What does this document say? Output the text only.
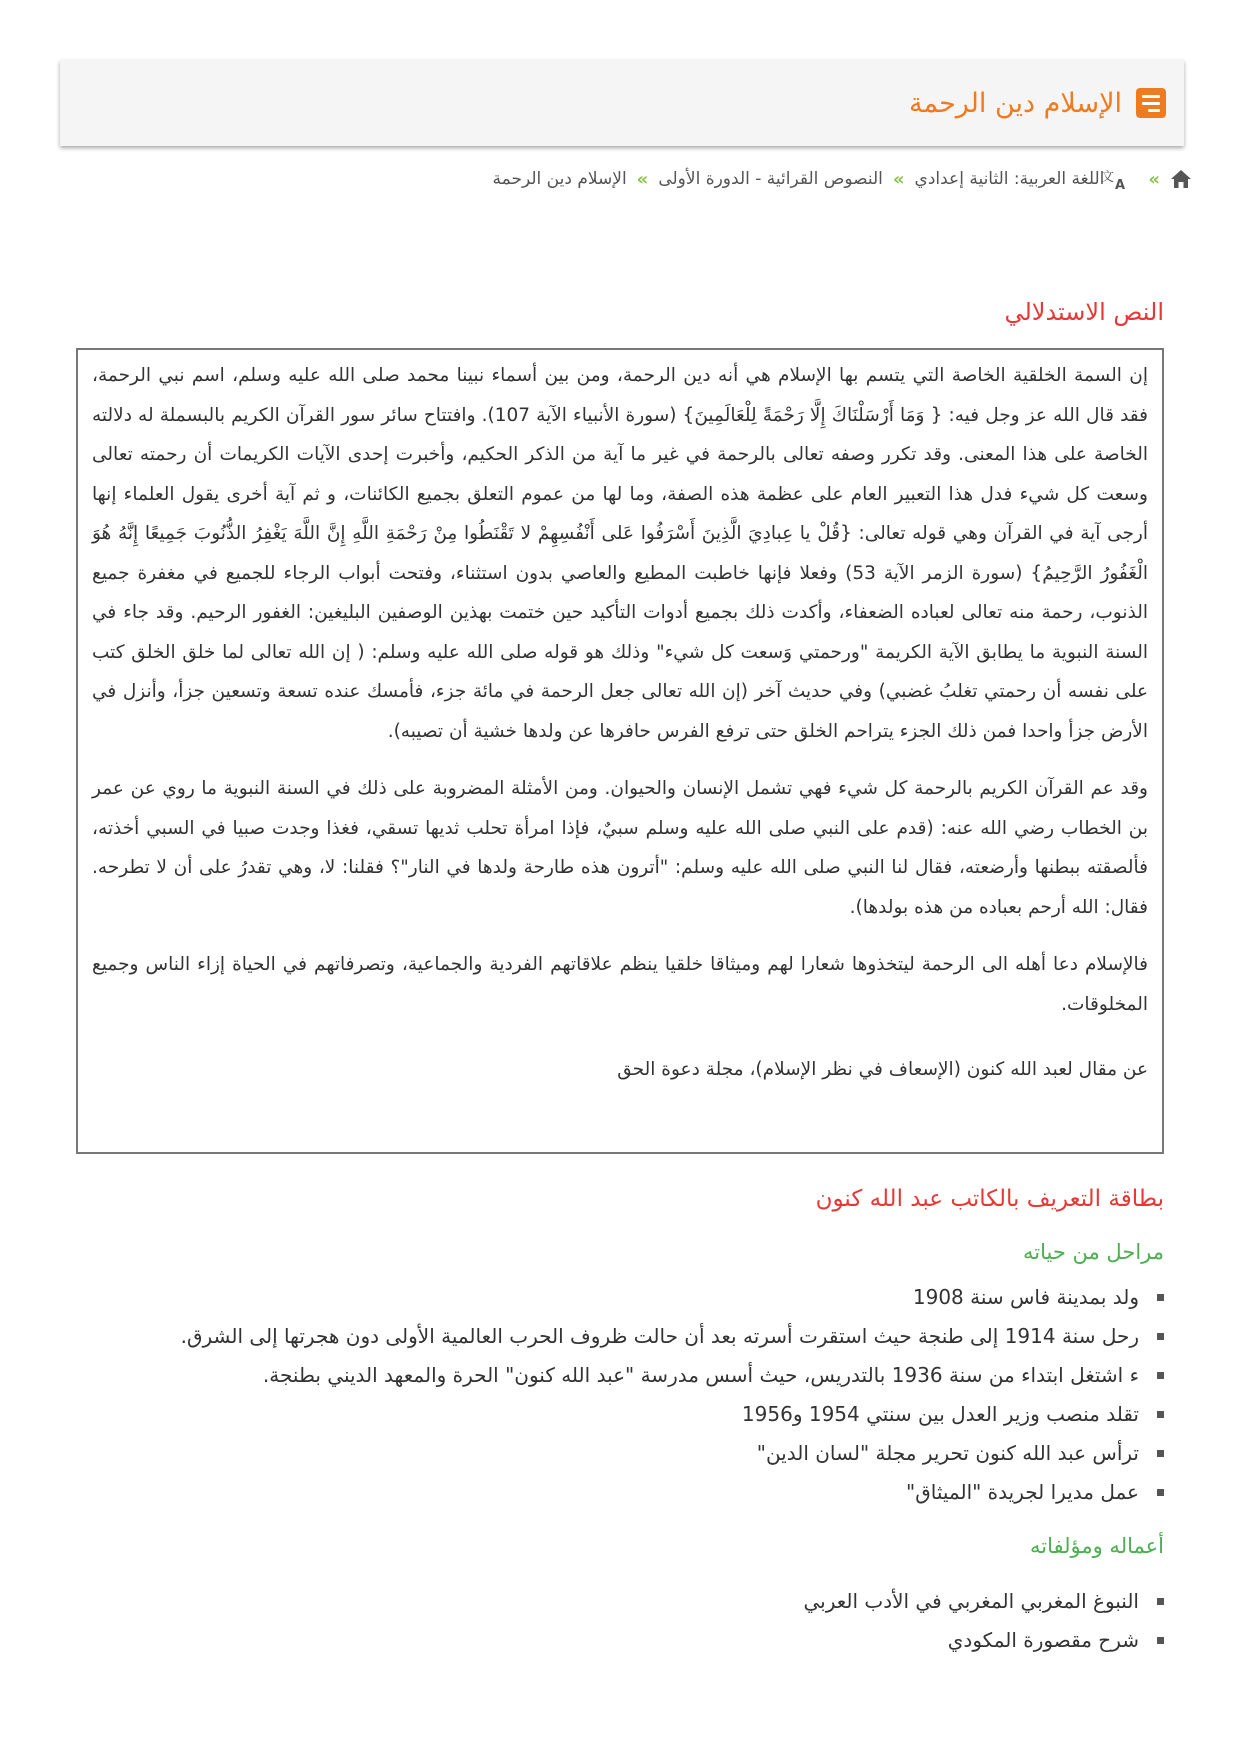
الإسلام دين الرحمة
»
文
A
اللغة العربية: الثانية إعدادي
»
النصوص القرائية - الدورة الأولى
»
الإسلام دين الرحمة
النص الاستدلالي

إن السمة الخلقية الخاصة التي يتسم بها الإسلام هي أنه دين الرحمة، ومن بين أسماء نبينا محمد صلى الله عليه وسلم، اسم نبي الرحمة، فقد قال الله عز وجل فيه: { وَمَا أَرْسَلْنَاكَ إِلَّا رَحْمَةً لِلْعَالَمِينَ} (سورة الأنبياء الآية 107). وافتتاح سائر سور القرآن الكريم بالبسملة له دلالته الخاصة على هذا المعنى. وقد تكرر وصفه تعالى بالرحمة في غير ما آية من الذكر الحكيم، وأخبرت إحدى الآيات الكريمات أن رحمته تعالى وسعت كل شيء فدل هذا التعبير العام على عظمة هذه الصفة، وما لها من عموم التعلق بجميع الكائنات، و ثم آية أخرى يقول العلماء إنها أرجى آية في القرآن وهي قوله تعالى: {قُلْ يا عِبادِيَ الَّذِينَ أَسْرَفُوا عَلى أَنْفُسِهِمْ لا تَقْنَطُوا مِنْ رَحْمَةِ اللَّهِ إِنَّ اللَّهَ يَغْفِرُ الذُّنُوبَ جَمِيعًا إِنَّهُ هُوَ الْغَفُورُ الرَّحِيمُ} (سورة الزمر الآية 53) وفعلا فإنها خاطبت المطيع والعاصي بدون استثناء، وفتحت أبواب الرجاء للجميع في مغفرة جميع الذنوب، رحمة منه تعالى لعباده الضعفاء، وأكدت ذلك بجميع أدوات التأكيد حين ختمت بهذين الوصفين البليغين: الغفور الرحيم. وقد جاء في السنة النبوية ما يطابق الآية الكريمة "ورحمتي وَسعت كل شيء" وذلك هو قوله صلى الله عليه وسلم: ( إن الله تعالى لما خلق الخلق كتب على نفسه أن رحمتي تغلبُ غضبي) وفي حديث آخر (إن الله تعالى جعل الرحمة في مائة جزء، فأمسك عنده تسعة وتسعين جزأ، وأنزل في الأرض جزأ واحدا فمن ذلك الجزء يتراحم الخلق حتى ترفع الفرس حافرها عن ولدها خشية أن تصيبه).

وقد عم القرآن الكريم بالرحمة كل شيء فهي تشمل الإنسان والحيوان. ومن الأمثلة المضروبة على ذلك في السنة النبوية ما روي عن عمر بن الخطاب رضي الله عنه: (قدم على النبي صلى الله عليه وسلم سبيٌ، فإذا امرأة تحلب ثديها تسقي، فغذا وجدت صبيا في السبي أخذته، فألصقته ببطنها وأرضعته، فقال لنا النبي صلى الله عليه وسلم: "أترون هذه طارحة ولدها في النار"؟ فقلنا: لا، وهي تقدرُ على أن لا تطرحه. فقال: الله أرحم بعباده من هذه بولدها).

فالإسلام دعا أهله الى الرحمة ليتخذوها شعارا لهم وميثاقا خلقيا ينظم علاقاتهم الفردية والجماعية، وتصرفاتهم في الحياة إزاء الناس وجميع المخلوقات.

عن مقال لعبد الله كنون (الإسعاف في نظر الإسلام)، مجلة دعوة الحق
بطاقة التعريف بالكاتب عبد الله كنون
مراحل من حياته
ولد بمدينة فاس سنة 1908
رحل سنة 1914 إلى طنجة حيث استقرت أسرته بعد أن حالت ظروف الحرب العالمية الأولى دون هجرتها إلى الشرق.
ء اشتغل ابتداء من سنة 1936 بالتدريس، حيث أسس مدرسة "عبد الله كنون" الحرة والمعهد الديني بطنجة.
تقلد منصب وزير العدل بين سنتي 1954 و1956
ترأس عبد الله كنون تحرير مجلة "لسان الدين"
عمل مديرا لجريدة "الميثاق"
أعماله ومؤلفاته
النبوغ المغربي المغربي في الأدب العربي
شرح مقصورة المكودي
